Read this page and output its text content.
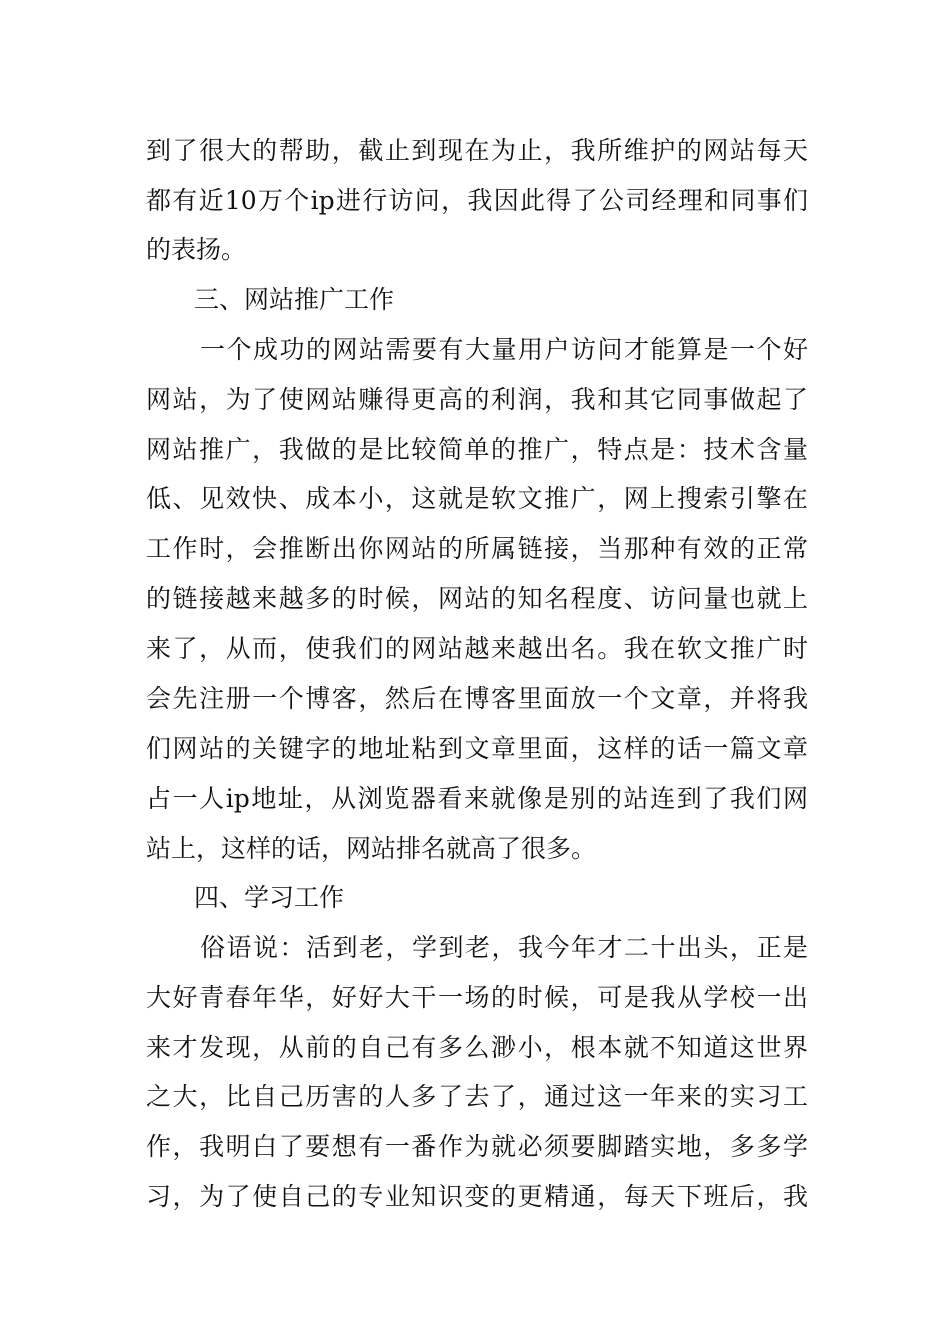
到了很大的帮助，截止到现在为止，我所维护的网站每天
都有近10万个ip进行访问，我因此得了公司经理和同事们
的表扬。
三、网站推广工作
一个成功的网站需要有大量用户访问才能算是一个好
网站，为了使网站赚得更高的利润，我和其它同事做起了
网站推广，我做的是比较简单的推广，特点是：技术含量
低、见效快、成本小，这就是软文推广，网上搜索引擎在
工作时，会推断出你网站的所属链接，当那种有效的正常
的链接越来越多的时候，网站的知名程度、访问量也就上
来了，从而，使我们的网站越来越出名。我在软文推广时
会先注册一个博客，然后在博客里面放一个文章，并将我
们网站的关键字的地址粘到文章里面，这样的话一篇文章
占一人ip地址，从浏览器看来就像是别的站连到了我们网
站上，这样的话，网站排名就高了很多。
四、学习工作
俗语说：活到老，学到老，我今年才二十出头，正是
大好青春年华，好好大干一场的时候，可是我从学校一出
来才发现，从前的自己有多么渺小，根本就不知道这世界
之大，比自己历害的人多了去了，通过这一年来的实习工
作，我明白了要想有一番作为就必须要脚踏实地，多多学
习，为了使自己的专业知识变的更精通，每天下班后，我
